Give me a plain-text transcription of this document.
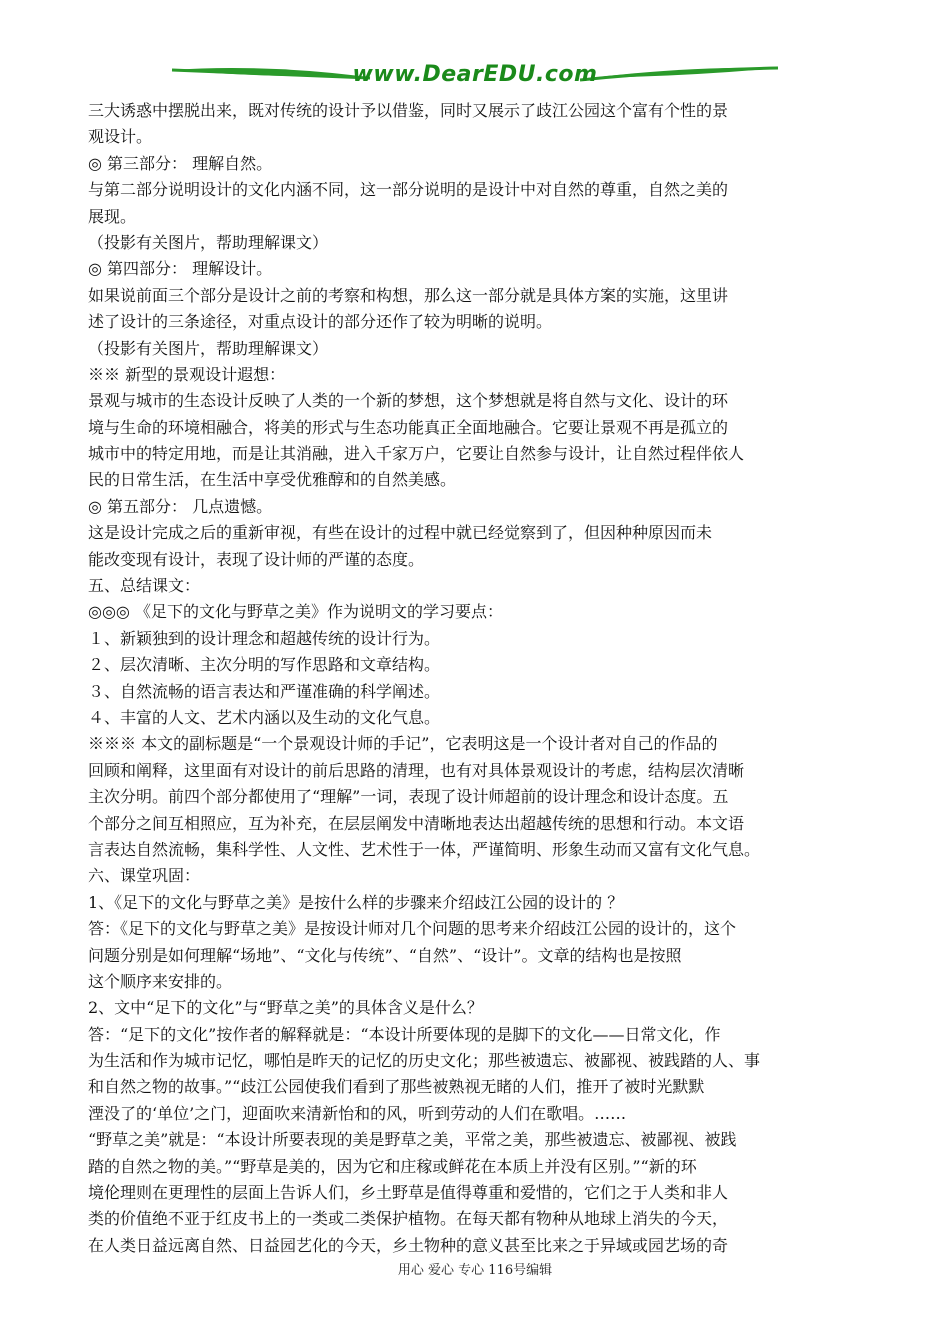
www.DearEDU.com
三大诱惑中摆脱出来，既对传统的设计予以借鉴，同时又展示了歧江公园这个富有个性的景
观设计。
◎ 第三部分： 理解自然。
与第二部分说明设计的文化内涵不同，这一部分说明的是设计中对自然的尊重，自然之美的
展现。
（投影有关图片，帮助理解课文）
◎ 第四部分： 理解设计。
如果说前面三个部分是设计之前的考察和构想，那么这一部分就是具体方案的实施，这里讲
述了设计的三条途径，对重点设计的部分还作了较为明晰的说明。
（投影有关图片，帮助理解课文）
※※ 新型的景观设计遐想：
景观与城市的生态设计反映了人类的一个新的梦想，这个梦想就是将自然与文化、设计的环
境与生命的环境相融合，将美的形式与生态功能真正全面地融合。它要让景观不再是孤立的
城市中的特定用地，而是让其消融，进入千家万户，它要让自然参与设计，让自然过程伴依人
民的日常生活，在生活中享受优雅醇和的自然美感。
◎ 第五部分： 几点遗憾。
这是设计完成之后的重新审视，有些在设计的过程中就已经觉察到了，但因种种原因而未
能改变现有设计，表现了设计师的严谨的态度。
五、总结课文：
◎◎◎ 《足下的文化与野草之美》作为说明文的学习要点：
１、新颖独到的设计理念和超越传统的设计行为。
２、层次清晰、主次分明的写作思路和文章结构。
３、自然流畅的语言表达和严谨准确的科学阐述。
４、丰富的人文、艺术内涵以及生动的文化气息。
※※※ 本文的副标题是“一个景观设计师的手记”，它表明这是一个设计者对自己的作品的
回顾和阐释，这里面有对设计的前后思路的清理，也有对具体景观设计的考虑，结构层次清晰
主次分明。前四个部分都使用了“理解”一词，表现了设计师超前的设计理念和设计态度。五
个部分之间互相照应，互为补充，在层层阐发中清晰地表达出超越传统的思想和行动。本文语
言表达自然流畅，集科学性、人文性、艺术性于一体，严谨简明、形象生动而又富有文化气息。
六、课堂巩固：
1、《足下的文化与野草之美》是按什么样的步骤来介绍歧江公园的设计的 ？
答：《足下的文化与野草之美》是按设计师对几个问题的思考来介绍歧江公园的设计的，这个
问题分别是如何理解“场地”、“文化与传统”、“自然”、“设计”。文章的结构也是按照
这个顺序来安排的。
2、文中“足下的文化”与“野草之美”的具体含义是什么？
答：“足下的文化”按作者的解释就是：“本设计所要体现的是脚下的文化——日常文化，作
为生活和作为城市记忆，哪怕是昨天的记忆的历史文化；那些被遗忘、被鄙视、被践踏的人、事
和自然之物的故事。”“歧江公园使我们看到了那些被熟视无睹的人们，推开了被时光默默
湮没了的‘单位’之门，迎面吹来清新怡和的风，听到劳动的人们在歌唱。……
“野草之美”就是：“本设计所要表现的美是野草之美，平常之美，那些被遗忘、被鄙视、被践
踏的自然之物的美。”“野草是美的，因为它和庄稼或鲜花在本质上并没有区别。”“新的环
境伦理则在更理性的层面上告诉人们，乡土野草是值得尊重和爱惜的，它们之于人类和非人
类的价值绝不亚于红皮书上的一类或二类保护植物。在每天都有物种从地球上消失的今天，
在人类日益远离自然、日益园艺化的今天，乡土物种的意义甚至比来之于异域或园艺场的奇
用心 爱心 专心 116号编辑
